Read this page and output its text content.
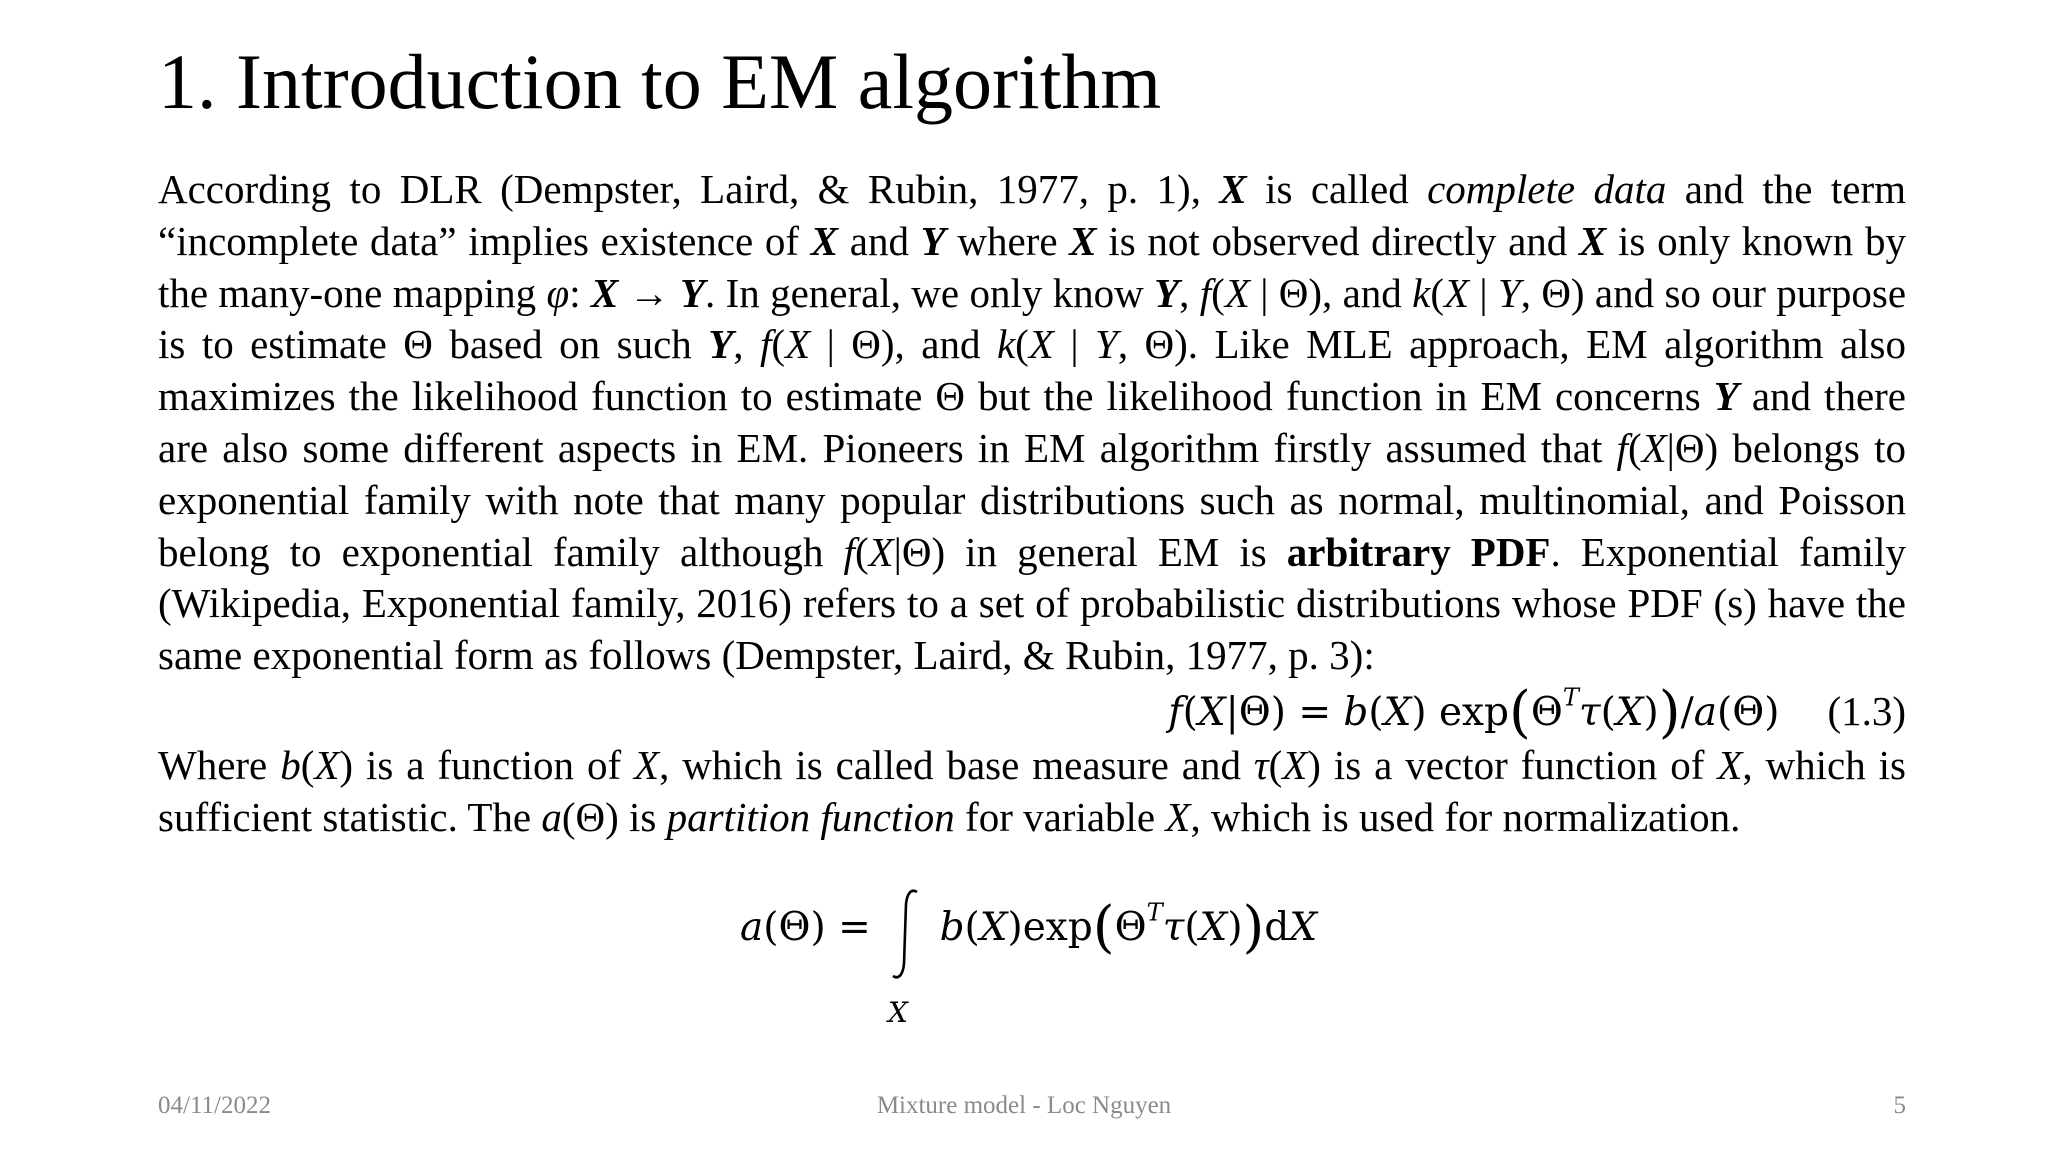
1. Introduction to EM algorithm

According to DLR (Dempster, Laird, & Rubin, 1977, p. 1), X is called complete data and the term “incomplete data” implies existence of X and Y where X is not observed directly and X is only known by the many-one mapping φ: X → Y. In general, we only know Y, f(X | Θ), and k(X | Y, Θ) and so our purpose is to estimate Θ based on such Y, f(X | Θ), and k(X | Y, Θ). Like MLE approach, EM algorithm also maximizes the likelihood function to estimate Θ but the likelihood function in EM concerns Y and there are also some different aspects in EM. Pioneers in EM algorithm firstly assumed that f(X|Θ) belongs to exponential family with note that many popular distributions such as normal, multinomial, and Poisson belong to exponential family although f(X|Θ) in general EM is arbitrary PDF. Exponential family (Wikipedia, Exponential family, 2016) refers to a set of probabilistic distributions whose PDF (s) have the same exponential form as follows (Dempster, Laird, & Rubin, 1977, p. 3):

f(X|Θ) = b(X) $\exp(\Theta^T\tau(X))/a(\Theta)$ (1.3)

Where b(X) is a function of X, which is called base measure and τ(X) is a vector function of X, which is sufficient statistic. The a(Θ) is partition function for variable X, which is used for normalization.

a(Θ) =
$b(X)\exp(\Theta^T\tau(X))dX$
X
04/11/2022	Mixture model - Loc Nguyen	5
